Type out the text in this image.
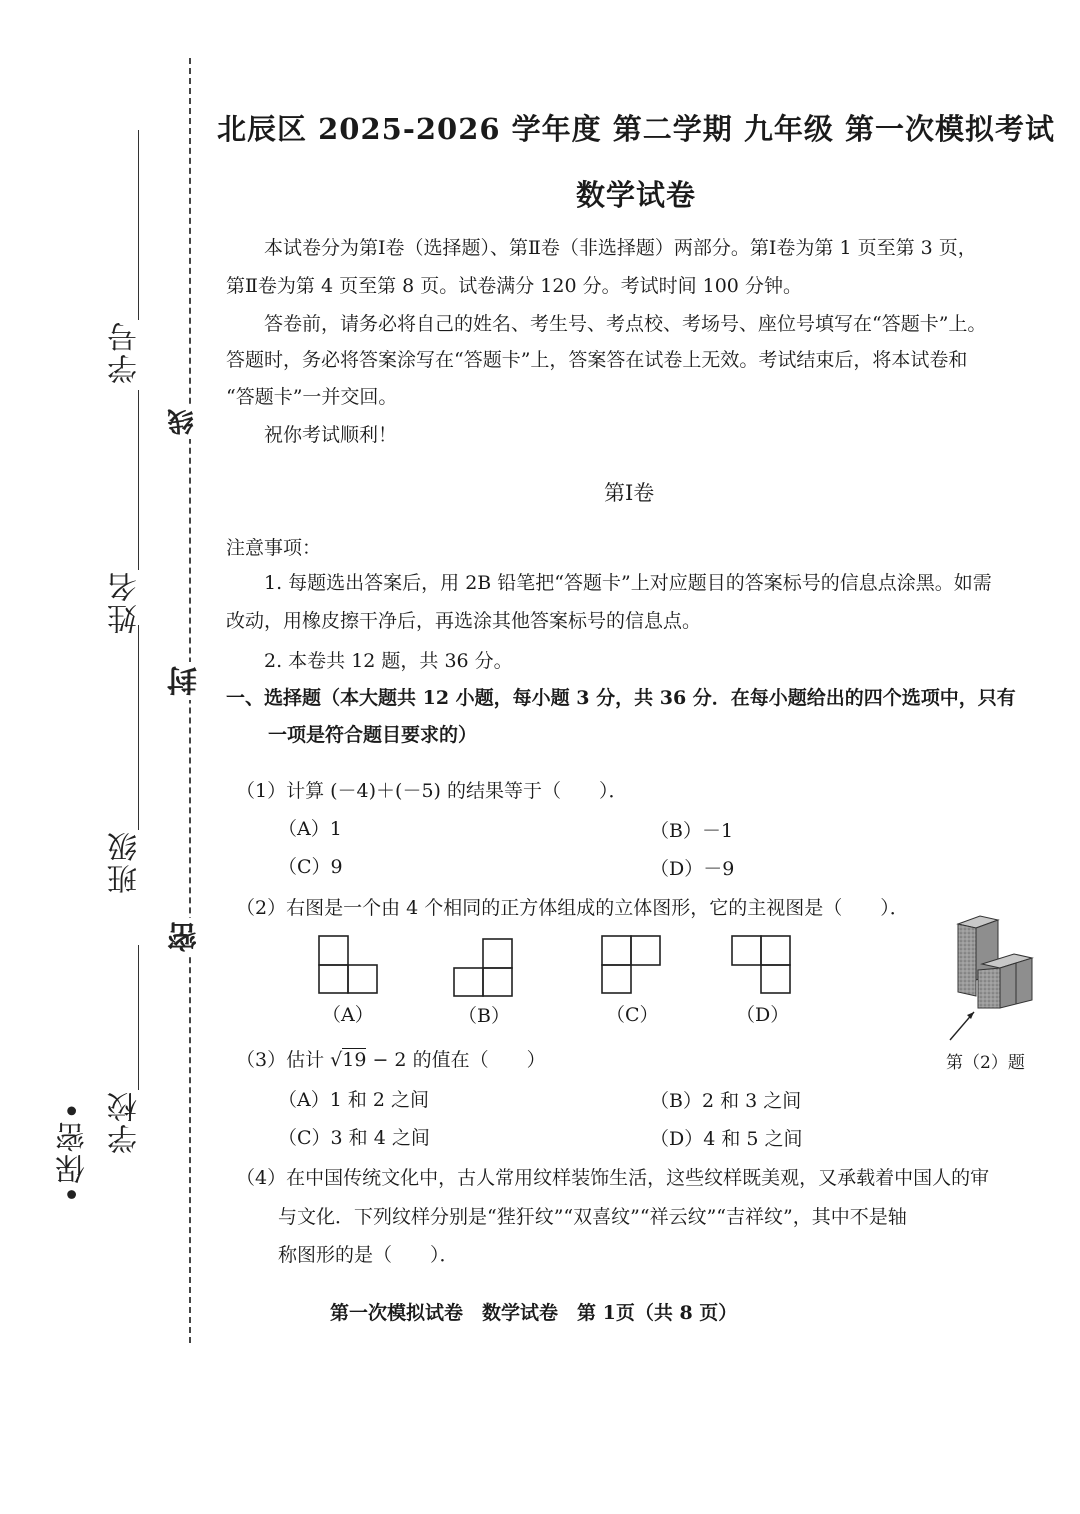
•保密• 学校
班级
姓名
学号
线
封
密
北辰区 2025-2026 学年度 第二学期 九年级 第一次模拟考试
数学试卷
本试卷分为第Ⅰ卷（选择题）、第Ⅱ卷（非选择题）两部分。第Ⅰ卷为第 1 页至第 3 页，
第Ⅱ卷为第 4 页至第 8 页。试卷满分 120 分。考试时间 100 分钟。
答卷前，请务必将自己的姓名、考生号、考点校、考场号、座位号填写在“答题卡”上。
答题时，务必将答案涂写在“答题卡”上，答案答在试卷上无效。考试结束后，将本试卷和
“答题卡”一并交回。
祝你考试顺利！
第Ⅰ卷
注意事项：
1. 每题选出答案后，用 2B 铅笔把“答题卡”上对应题目的答案标号的信息点涂黑。如需
改动，用橡皮擦干净后，再选涂其他答案标号的信息点。
2. 本卷共 12 题，共 36 分。
一、选择题（本大题共 12 小题，每小题 3 分，共 36 分．在每小题给出的四个选项中，只有
一项是符合题目要求的）
（1）计算 (－4)＋(－5) 的结果等于（　　）．
（A）1	（B）－1
（C）9	（D）－9
（2）右图是一个由 4 个相同的正方体组成的立体图形，它的主视图是（　　）．
（A）	（B）	（C）	（D）
第（2）题
（3）估计 √19 − 2 的值在（　　）
（A）1 和 2 之间	（B）2 和 3 之间
（C）3 和 4 之间	（D）4 和 5 之间
（4）在中国传统文化中，古人常用纹样装饰生活，这些纹样既美观，又承载着中国人的审
与文化．下列纹样分别是“狴犴纹”“双喜纹”“祥云纹”“吉祥纹”，其中不是轴
称图形的是（　　）．
第一次模拟试卷　数学试卷　第 1页（共 8 页）
